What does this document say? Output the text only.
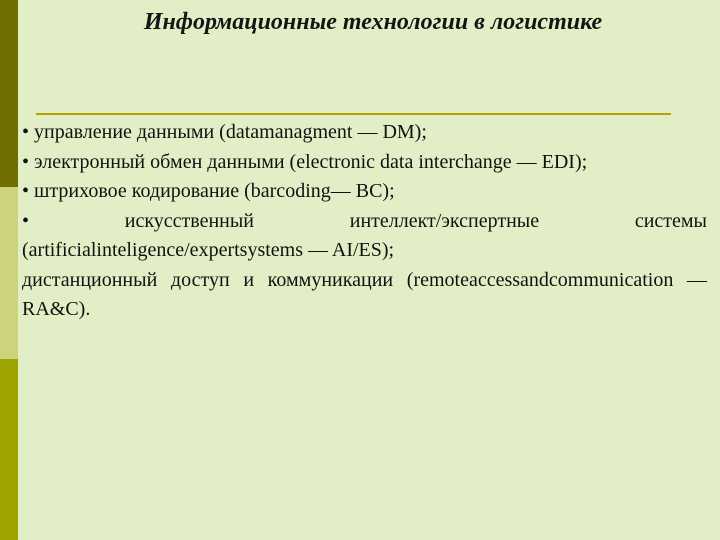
Информационные технологии в логистике

• управление данными (datamanagment — DM);

• электронный обмен данными (electronic data interchange — EDI);

• штриховое кодирование (barcoding— BC);

•	искусственный интеллект/экспертные системы (artificialinteligence/expertsystems — AI/ES);

дистанционный доступ и коммуникации (remoteaccessandcommunication — RA&C).
